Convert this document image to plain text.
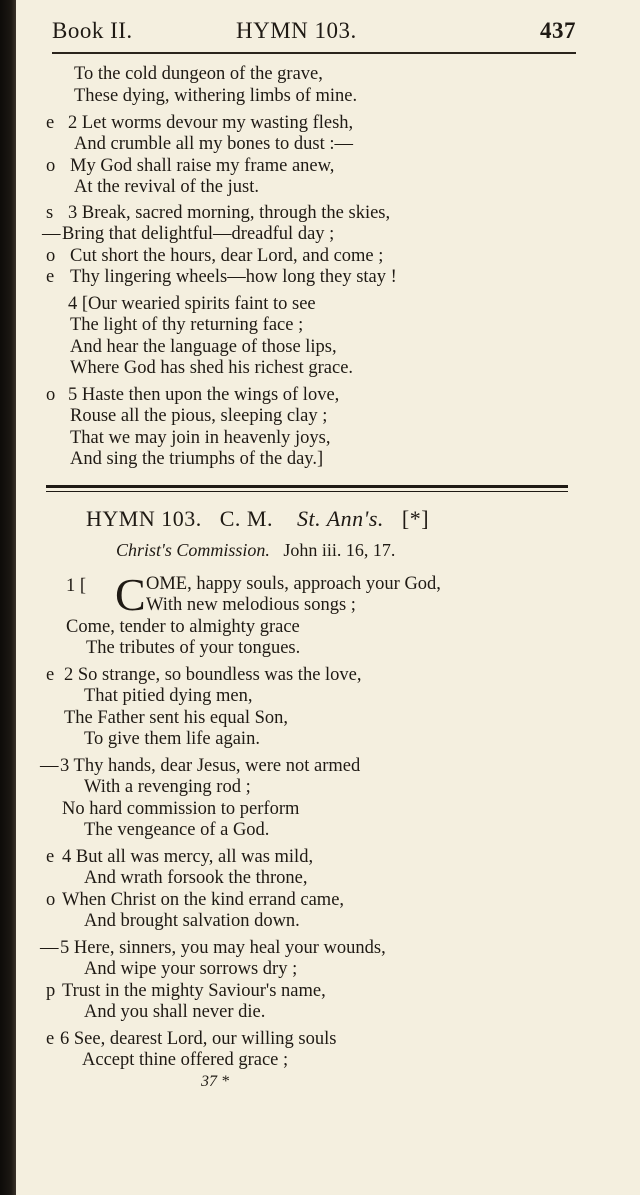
Book II.	HYMN 103.	437
To the cold dungeon of the grave,
These dying, withering limbs of mine.
e 2 Let worms devour my wasting flesh,
And crumble all my bones to dust :—
o My God shall raise my frame anew,
At the revival of the just.
s 3 Break, sacred morning, through the skies,
— Bring that delightful—dreadful day ;
o Cut short the hours, dear Lord, and come ;
e Thy lingering wheels—how long they stay !
4 [Our wearied spirits faint to see
The light of thy returning face ;
And hear the language of those lips,
Where God has shed his richest grace.
o 5 Haste then upon the wings of love,
Rouse all the pious, sleeping clay ;
That we may join in heavenly joys,
And sing the triumphs of the day.]
HYMN 103. C. M. St. Ann's. [*]
Christ's Commission. John iii. 16, 17.
1 [ C OME, happy souls, approach your God,
With new melodious songs ;
Come, tender to almighty grace
The tributes of your tongues.
e 2 So strange, so boundless was the love,
That pitied dying men,
The Father sent his equal Son,
To give them life again.
— 3 Thy hands, dear Jesus, were not armed
With a revenging rod ;
No hard commission to perform
The vengeance of a God.
e 4 But all was mercy, all was mild,
And wrath forsook the throne,
o When Christ on the kind errand came,
And brought salvation down.
— 5 Here, sinners, you may heal your wounds,
And wipe your sorrows dry ;
p Trust in the mighty Saviour's name,
And you shall never die.
e 6 See, dearest Lord, our willing souls
Accept thine offered grace ;
37 *
